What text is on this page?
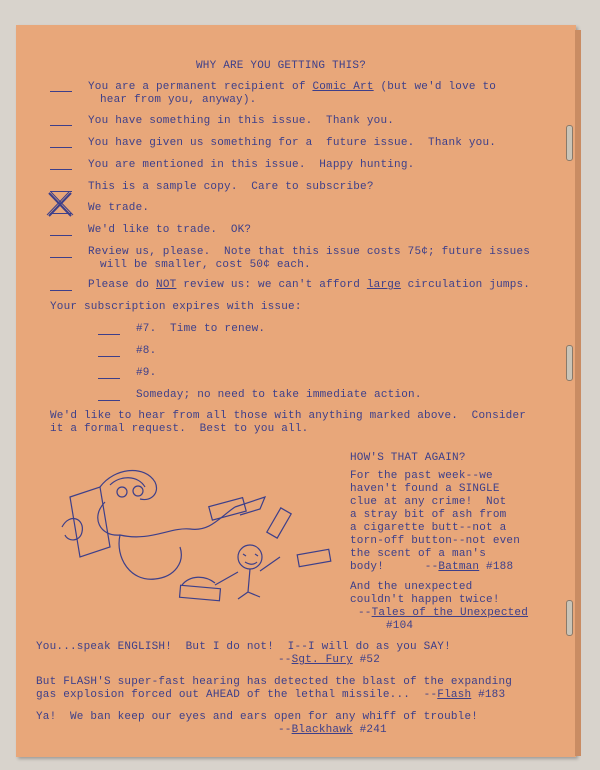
WHY ARE YOU GETTING THIS?
You are a permanent recipient of Comic Art (but we'd love to
hear from you, anyway).
You have something in this issue.  Thank you.
You have given us something for a  future issue.  Thank you.
You are mentioned in this issue.  Happy hunting.
This is a sample copy.  Care to subscribe?
We trade.
We'd like to trade.  OK?
Review us, please.  Note that this issue costs 75¢; future issues
will be smaller, cost 50¢ each.
Please do NOT review us: we can't afford large circulation jumps.
Your subscription expires with issue:
#7.  Time to renew.
#8.
#9.
Someday; no need to take immediate action.
We'd like to hear from all those with anything marked above.  Consider
it a formal request.  Best to you all.
HOW'S THAT AGAIN?
For the past week--we
haven't found a SINGLE
clue at any crime!  Not
a stray bit of ash from
a cigarette butt--not a
torn-off button--not even
the scent of a man's
body!      --Batman #188
And the unexpected
couldn't happen twice!
--Tales of the Unexpected
#104
You...speak ENGLISH!  But I do not!  I--I will do as you SAY!
--Sgt. Fury #52
But FLASH'S super-fast hearing has detected the blast of the expanding
gas explosion forced out AHEAD of the lethal missile...  --Flash #183
Ya!  We ban keep our eyes and ears open for any whiff of trouble!
--Blackhawk #241
